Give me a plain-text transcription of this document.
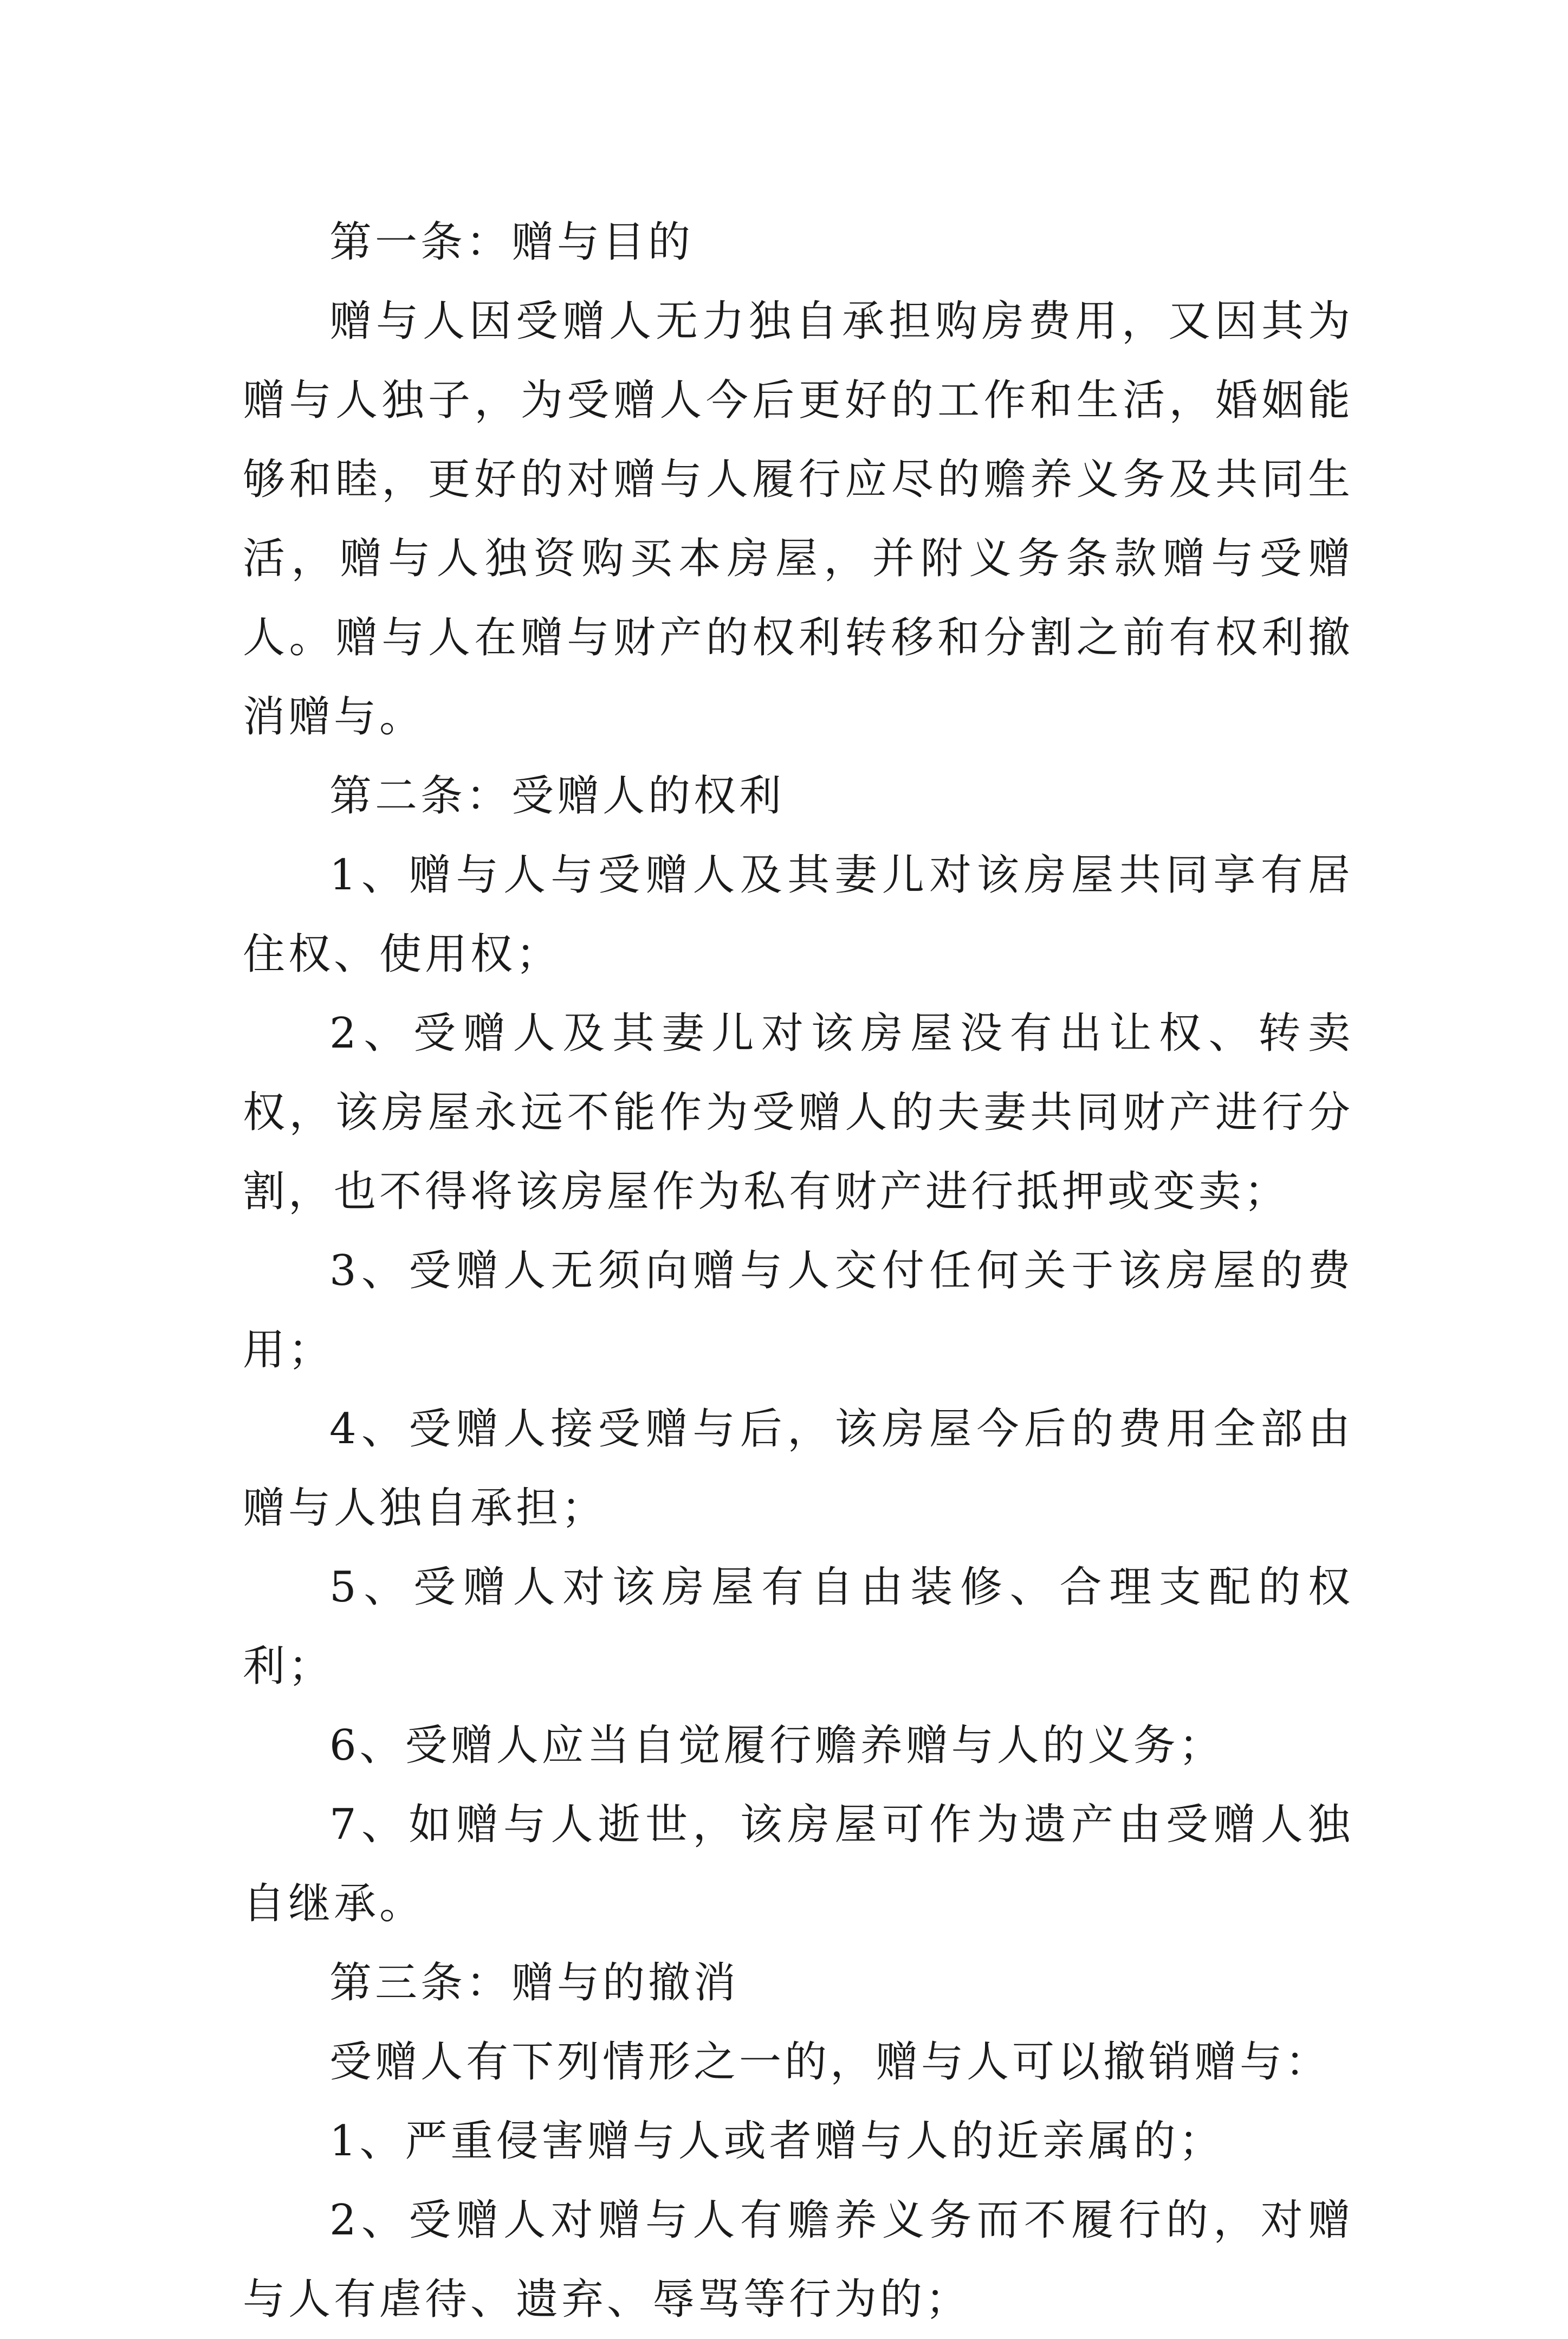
第一条：赠与目的

赠与人因受赠人无力独自承担购房费用，又因其为赠与人独子，为受赠人今后更好的工作和生活，婚姻能够和睦，更好的对赠与人履行应尽的赡养义务及共同生活，赠与人独资购买本房屋，并附义务条款赠与受赠人。赠与人在赠与财产的权利转移和分割之前有权利撤消赠与。

第二条：受赠人的权利

1、赠与人与受赠人及其妻儿对该房屋共同享有居住权、使用权；

2、受赠人及其妻儿对该房屋没有出让权、转卖权，该房屋永远不能作为受赠人的夫妻共同财产进行分割，也不得将该房屋作为私有财产进行抵押或变卖；

3、受赠人无须向赠与人交付任何关于该房屋的费用；

4、受赠人接受赠与后，该房屋今后的费用全部由赠与人独自承担；

5、受赠人对该房屋有自由装修、合理支配的权利；

6、受赠人应当自觉履行赡养赠与人的义务；

7、如赠与人逝世，该房屋可作为遗产由受赠人独自继承。

第三条：赠与的撤消

受赠人有下列情形之一的，赠与人可以撤销赠与：

1、严重侵害赠与人或者赠与人的近亲属的；

2、受赠人对赠与人有赡养义务而不履行的，对赠与人有虐待、遗弃、辱骂等行为的；
